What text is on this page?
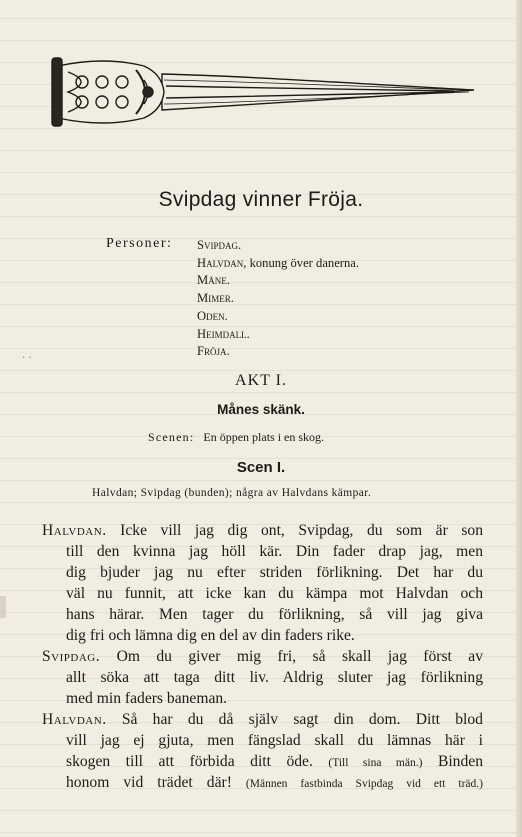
Svipdag vinner Fröja.
Personer: Svipdag.
Halvdan, konung över danerna.
Måne.
Mimer.
Oden.
Heimdall.
Fröja.
. .
AKT I.
Månes skänk.
Scenen: En öppen plats i en skog.
Scen I.
Halvdan; Svipdag (bunden); några av Halvdans kämpar.
Halvdan. Icke vill jag dig ont, Svipdag, du som är son
till den kvinna jag höll kär. Din fader drap jag, men
dig bjuder jag nu efter striden förlikning. Det har du
väl nu funnit, att icke kan du kämpa mot Halvdan och
hans härar. Men tager du förlikning, så vill jag giva
dig fri och lämna dig en del av din faders rike.
Svipdag. Om du giver mig fri, så skall jag först av
allt söka att taga ditt liv. Aldrig sluter jag förlikning
med min faders baneman.
Halvdan. Så har du då själv sagt din dom. Ditt blod
vill jag ej gjuta, men fängslad skall du lämnas här i
skogen till att förbida ditt öde. (Till sina män.) Binden
honom vid trädet där! (Männen fastbinda Svipdag vid ett träd.)
